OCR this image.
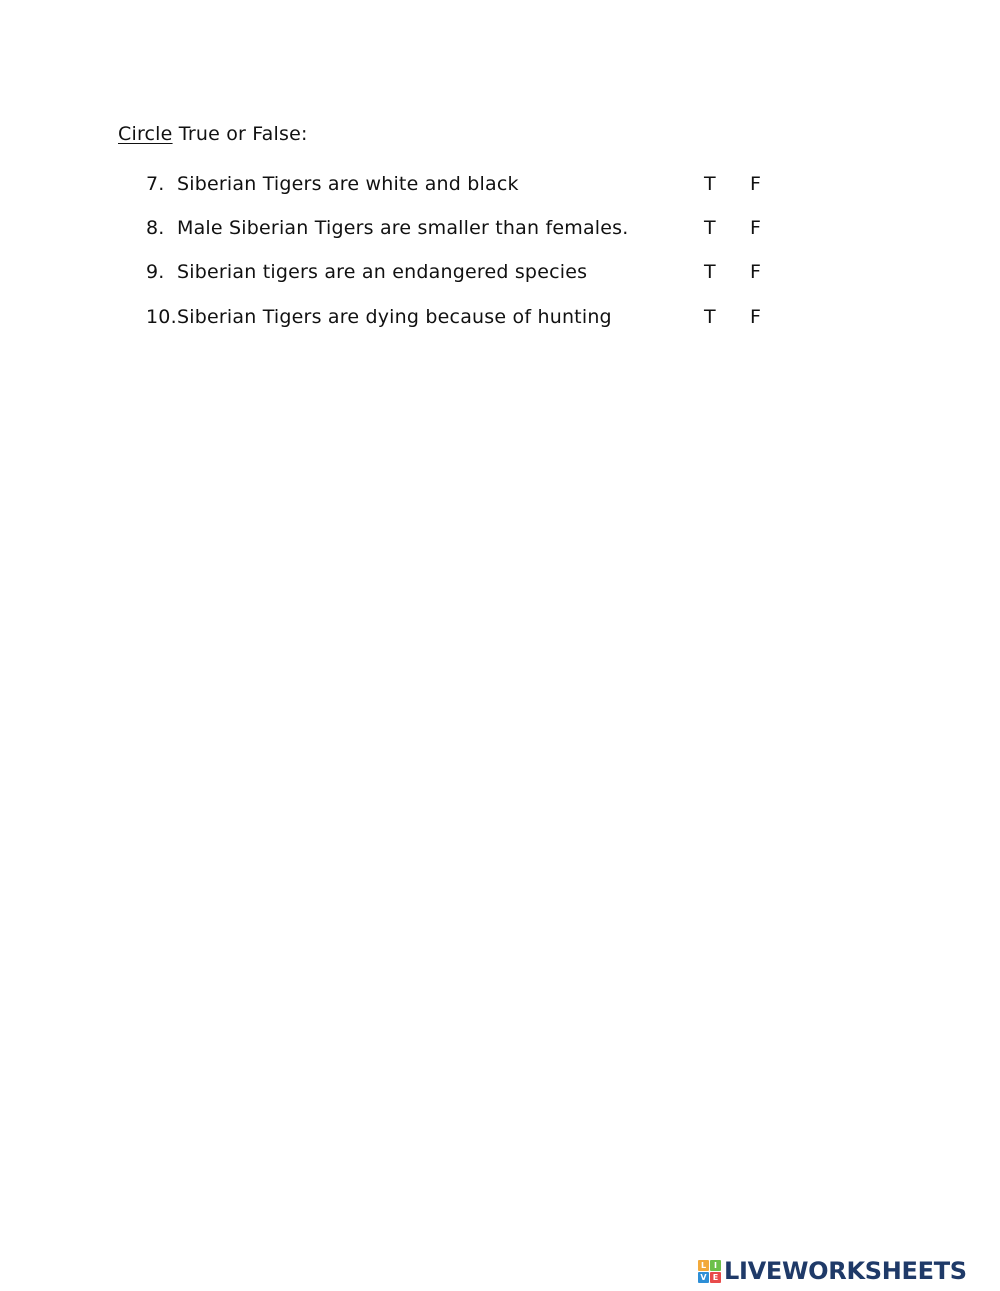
Circle True or False:
7. Siberian Tigers are white and black	T F
8. Male Siberian Tigers are smaller than females.	T F
9. Siberian tigers are an endangered species	T F
10. Siberian Tigers are dying because of hunting	T F
L I
V E LIVEWORKSHEETS
